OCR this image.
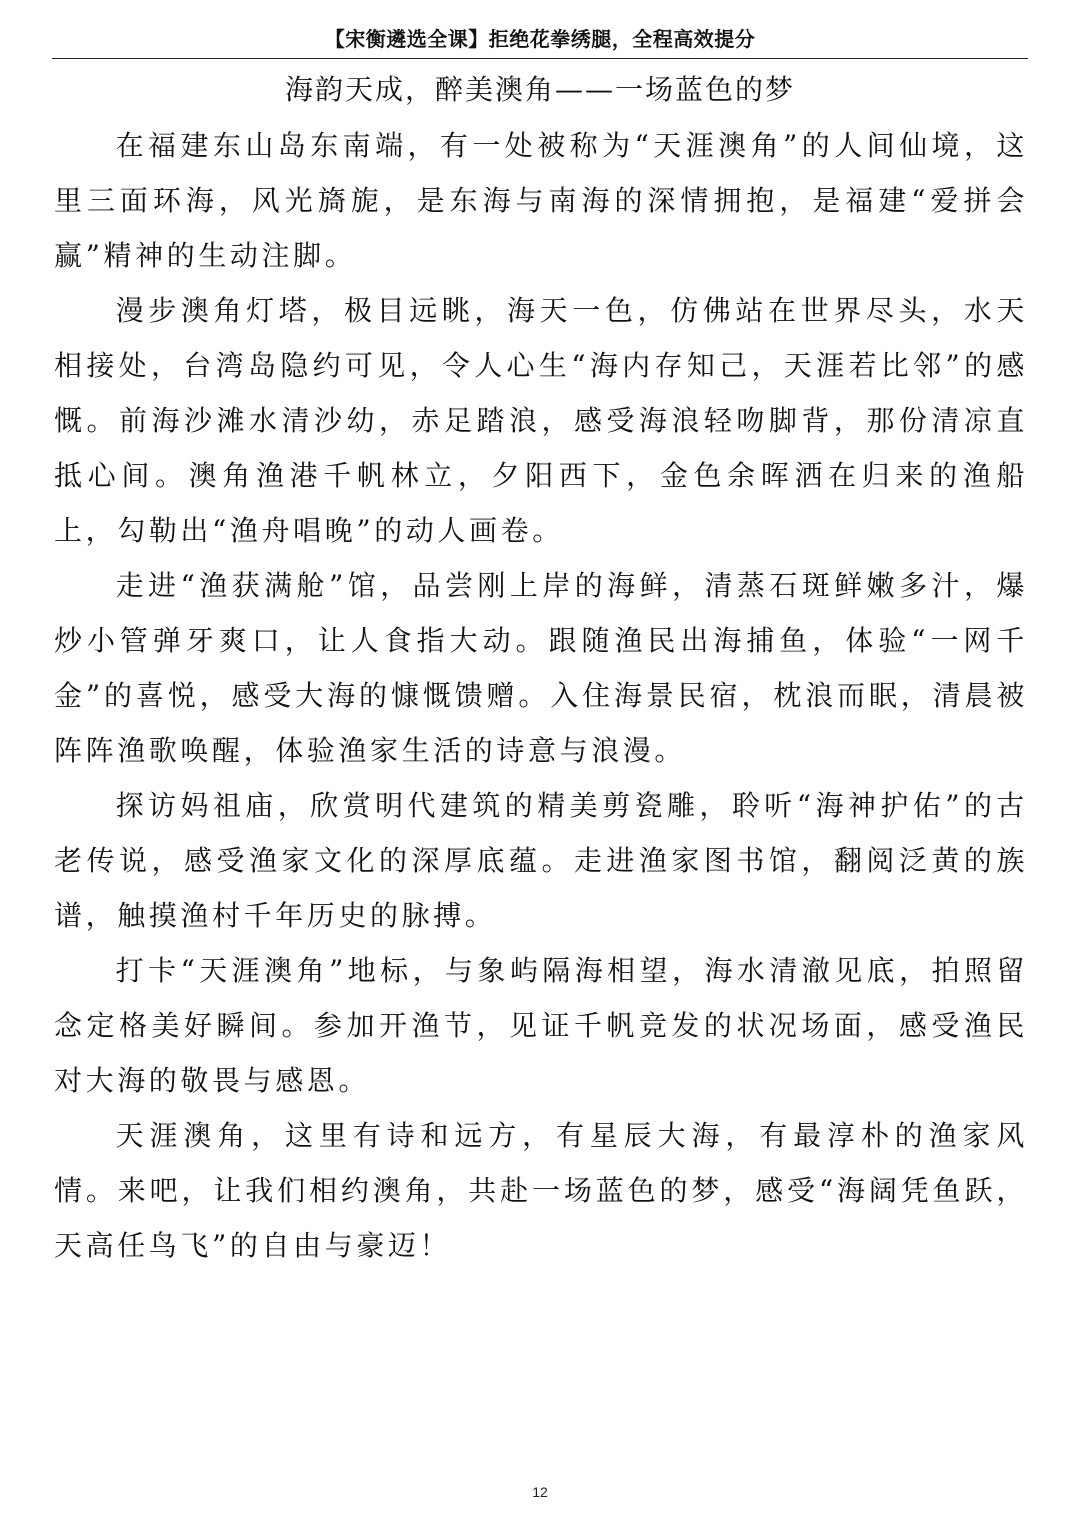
【宋衡遴选全课】拒绝花拳绣腿，全程高效提分
海韵天成，醉美澳角——一场蓝色的梦

在福建东山岛东南端，有一处被称为“天涯澳角”的人间仙境，这里三面环海，风光旖旎，是东海与南海的深情拥抱，是福建“爱拼会赢”精神的生动注脚。

漫步澳角灯塔，极目远眺，海天一色，仿佛站在世界尽头，水天相接处，台湾岛隐约可见，令人心生“海内存知己，天涯若比邻”的感慨。前海沙滩水清沙幼，赤足踏浪，感受海浪轻吻脚背，那份清凉直抵心间。澳角渔港千帆林立，夕阳西下，金色余晖洒在归来的渔船上，勾勒出“渔舟唱晚”的动人画卷。

走进“渔获满舱”馆，品尝刚上岸的海鲜，清蒸石斑鲜嫩多汁，爆炒小管弹牙爽口，让人食指大动。跟随渔民出海捕鱼，体验“一网千金”的喜悦，感受大海的慷慨馈赠。入住海景民宿，枕浪而眠，清晨被阵阵渔歌唤醒，体验渔家生活的诗意与浪漫。

探访妈祖庙，欣赏明代建筑的精美剪瓷雕，聆听“海神护佑”的古老传说，感受渔家文化的深厚底蕴。走进渔家图书馆，翻阅泛黄的族谱，触摸渔村千年历史的脉搏。

打卡“天涯澳角”地标，与象屿隔海相望，海水清澈见底，拍照留念定格美好瞬间。参加开渔节，见证千帆竞发的状况场面，感受渔民对大海的敬畏与感恩。

天涯澳角，这里有诗和远方，有星辰大海，有最淳朴的渔家风情。来吧，让我们相约澳角，共赴一场蓝色的梦，感受“海阔凭鱼跃，天高任鸟飞”的自由与豪迈！

12
